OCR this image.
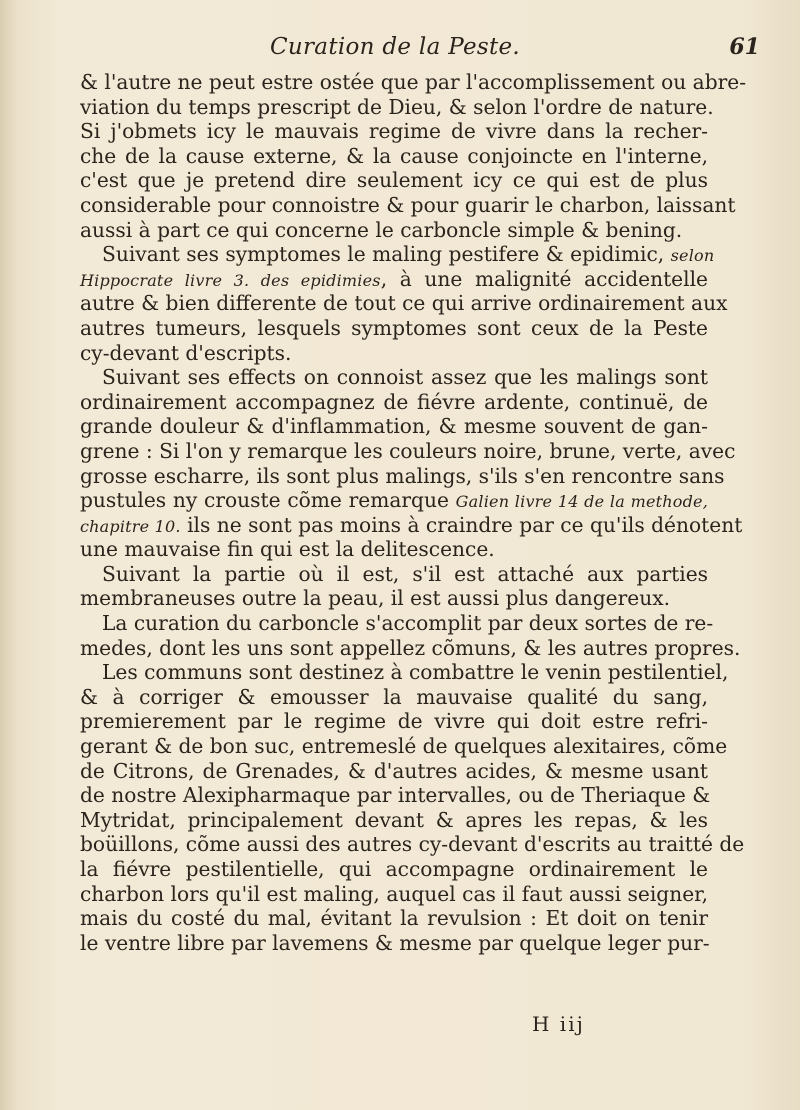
Curation de la Peste.	61
& l'autre ne peut estre ostée que par l'accomplissement ou abre-
viation du temps prescript de Dieu, & selon l'ordre de nature.
Si j'obmets icy le mauvais regime de vivre dans la recher-
che de la cause externe, & la cause conjoincte en l'interne,
c'est que je pretend dire seulement icy ce qui est de plus
considerable pour connoistre & pour guarir le charbon, laissant
aussi à part ce qui concerne le carboncle simple & bening.
Suivant ses symptomes le maling pestifere & epidimic, selon
Hippocrate livre 3. des epidimies, à une malignité accidentelle
autre & bien differente de tout ce qui arrive ordinairement aux
autres tumeurs, lesquels symptomes sont ceux de la Peste
cy-devant d'escripts.
Suivant ses effects on connoist assez que les malings sont
ordinairement accompagnez de fiévre ardente, continuë, de
grande douleur & d'inflammation, & mesme souvent de gan-
grene : Si l'on y remarque les couleurs noire, brune, verte, avec
grosse escharre, ils sont plus malings, s'ils s'en rencontre sans
pustules ny crouste cõme remarque Galien livre 14 de la methode,
chapitre 10. ils ne sont pas moins à craindre par ce qu'ils dénotent
une mauvaise fin qui est la delitescence.
Suivant la partie où il est, s'il est attaché aux parties
membraneuses outre la peau, il est aussi plus dangereux.
La curation du carboncle s'accomplit par deux sortes de re-
medes, dont les uns sont appellez cõmuns, & les autres propres.
Les communs sont destinez à combattre le venin pestilentiel,
& à corriger & emousser la mauvaise qualité du sang,
premierement par le regime de vivre qui doit estre refri-
gerant & de bon suc, entremeslé de quelques alexitaires, cõme
de Citrons, de Grenades, & d'autres acides, & mesme usant
de nostre Alexipharmaque par intervalles, ou de Theriaque &
Mytridat, principalement devant & apres les repas, & les
boüillons, cõme aussi des autres cy-devant d'escrits au traitté de
la fiévre pestilentielle, qui accompagne ordinairement le
charbon lors qu'il est maling, auquel cas il faut aussi seigner,
mais du costé du mal, évitant la revulsion : Et doit on tenir
le ventre libre par lavemens & mesme par quelque leger pur-
H iij
